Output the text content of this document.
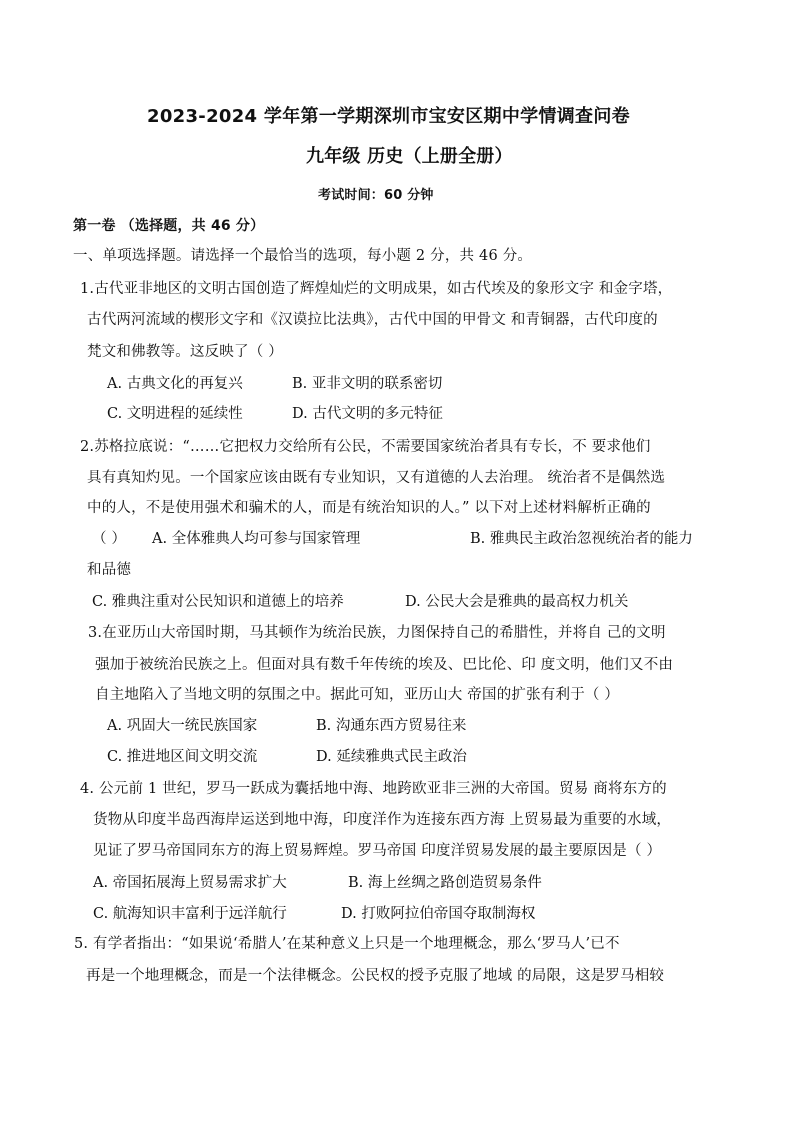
2023-2024 学年第一学期深圳市宝安区期中学情调查问卷
九年级 历史（上册全册）
考试时间：60 分钟
第一卷 （选择题，共 46 分）
一、单项选择题。请选择一个最恰当的选项，每小题 2 分，共 46 分。
1.古代亚非地区的文明古国创造了辉煌灿烂的文明成果，如古代埃及的象形文字 和金字塔，
古代两河流域的楔形文字和《汉谟拉比法典》，古代中国的甲骨文 和青铜器，古代印度的
梵文和佛教等。这反映了（ ）
A. 古典文化的再复兴	B. 亚非文明的联系密切
C. 文明进程的延续性	D. 古代文明的多元特征
2.苏格拉底说：“……它把权力交给所有公民，不需要国家统治者具有专长，不 要求他们
具有真知灼见。一个国家应该由既有专业知识，又有道德的人去治理。 统治者不是偶然选
中的人，不是使用强术和骗术的人，而是有统治知识的人。” 以下对上述材料解析正确的
（ ） A. 全体雅典人均可参与国家管理	B. 雅典民主政治忽视统治者的能力
和品德
C. 雅典注重对公民知识和道德上的培养	D. 公民大会是雅典的最高权力机关
3.在亚历山大帝国时期，马其顿作为统治民族，力图保持自己的希腊性，并将自 己的文明
强加于被统治民族之上。但面对具有数千年传统的埃及、巴比伦、印 度文明，他们又不由
自主地陷入了当地文明的氛围之中。据此可知，亚历山大 帝国的扩张有利于（ ）
A. 巩固大一统民族国家	B. 沟通东西方贸易往来
C. 推进地区间文明交流	D. 延续雅典式民主政治
4. 公元前 1 世纪，罗马一跃成为囊括地中海、地跨欧亚非三洲的大帝国。贸易 商将东方的
货物从印度半岛西海岸运送到地中海，印度洋作为连接东西方海 上贸易最为重要的水域，
见证了罗马帝国同东方的海上贸易辉煌。罗马帝国 印度洋贸易发展的最主要原因是（ ）
A. 帝国拓展海上贸易需求扩大	B. 海上丝绸之路创造贸易条件
C. 航海知识丰富利于远洋航行	D. 打败阿拉伯帝国夺取制海权
5. 有学者指出：“如果说‘希腊人’在某种意义上只是一个地理概念，那么‘罗马人’已不
再是一个地理概念，而是一个法律概念。公民权的授予克服了地域 的局限，这是罗马相较
